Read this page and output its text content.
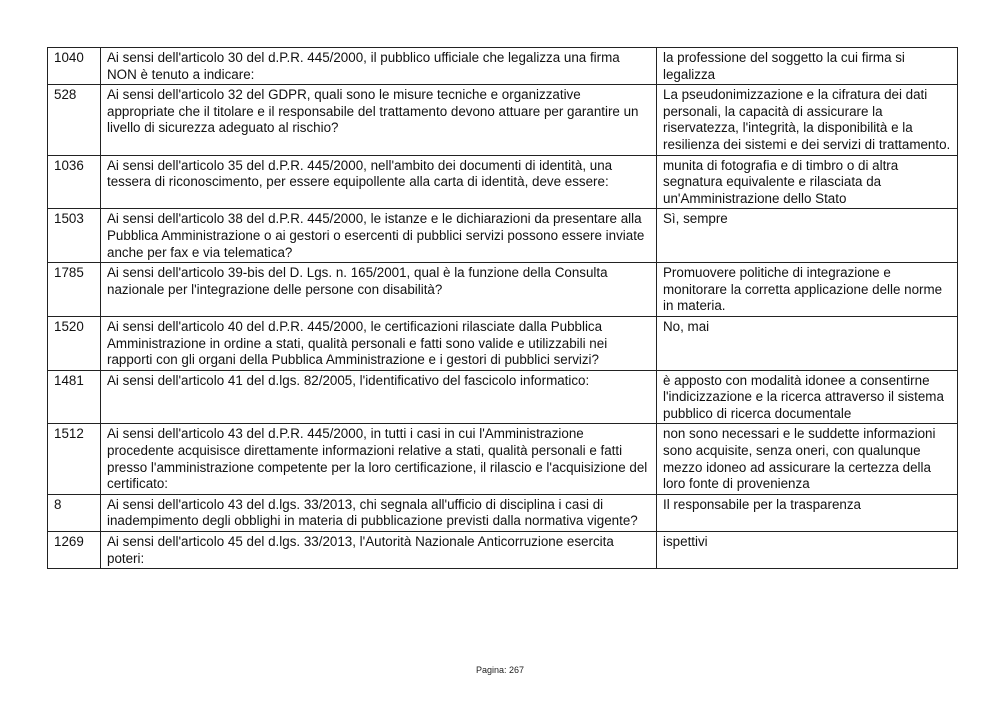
1040	Ai sensi dell'articolo 30 del d.P.R. 445/2000, il pubblico ufficiale che legalizza una firma NON è tenuto a indicare:	la professione del soggetto la cui firma si legalizza
528	Ai sensi dell'articolo 32 del GDPR, quali sono le misure tecniche e organizzative appropriate che il titolare e il responsabile del trattamento devono attuare per garantire un livello di sicurezza adeguato al rischio?	La pseudonimizzazione e la cifratura dei dati personali, la capacità di assicurare la riservatezza, l'integrità, la disponibilità e la resilienza dei sistemi e dei servizi di trattamento.
1036	Ai sensi dell'articolo 35 del d.P.R. 445/2000, nell'ambito dei documenti di identità, una tessera di riconoscimento, per essere equipollente alla carta di identità, deve essere:	munita di fotografia e di timbro o di altra segnatura equivalente e rilasciata da un'Amministrazione dello Stato
1503	Ai sensi dell'articolo 38 del d.P.R. 445/2000, le istanze e le dichiarazioni da presentare alla Pubblica Amministrazione o ai gestori o esercenti di pubblici servizi possono essere inviate anche per fax e via telematica?	Sì, sempre
1785	Ai sensi dell'articolo 39-bis del D. Lgs. n. 165/2001, qual è la funzione della Consulta nazionale per l'integrazione delle persone con disabilità?	Promuovere politiche di integrazione e monitorare la corretta applicazione delle norme in materia.
1520	Ai sensi dell'articolo 40 del d.P.R. 445/2000, le certificazioni rilasciate dalla Pubblica Amministrazione in ordine a stati, qualità personali e fatti sono valide e utilizzabili nei rapporti con gli organi della Pubblica Amministrazione e i gestori di pubblici servizi?	No, mai
1481	Ai sensi dell'articolo 41 del d.lgs. 82/2005, l'identificativo del fascicolo informatico:	è apposto con modalità idonee a consentirne l'indicizzazione e la ricerca attraverso il sistema pubblico di ricerca documentale
1512	Ai sensi dell'articolo 43 del d.P.R. 445/2000, in tutti i casi in cui l'Amministrazione procedente acquisisce direttamente informazioni relative a stati, qualità personali e fatti presso l'amministrazione competente per la loro certificazione, il rilascio e l'acquisizione del certificato:	non sono necessari e le suddette informazioni sono acquisite, senza oneri, con qualunque mezzo idoneo ad assicurare la certezza della loro fonte di provenienza
8	Ai sensi dell'articolo 43 del d.lgs. 33/2013, chi segnala all'ufficio di disciplina i casi di inadempimento degli obblighi in materia di pubblicazione previsti dalla normativa vigente?	Il responsabile per la trasparenza
1269	Ai sensi dell'articolo 45 del d.lgs. 33/2013, l'Autorità Nazionale Anticorruzione esercita poteri:	ispettivi
Pagina: 267
